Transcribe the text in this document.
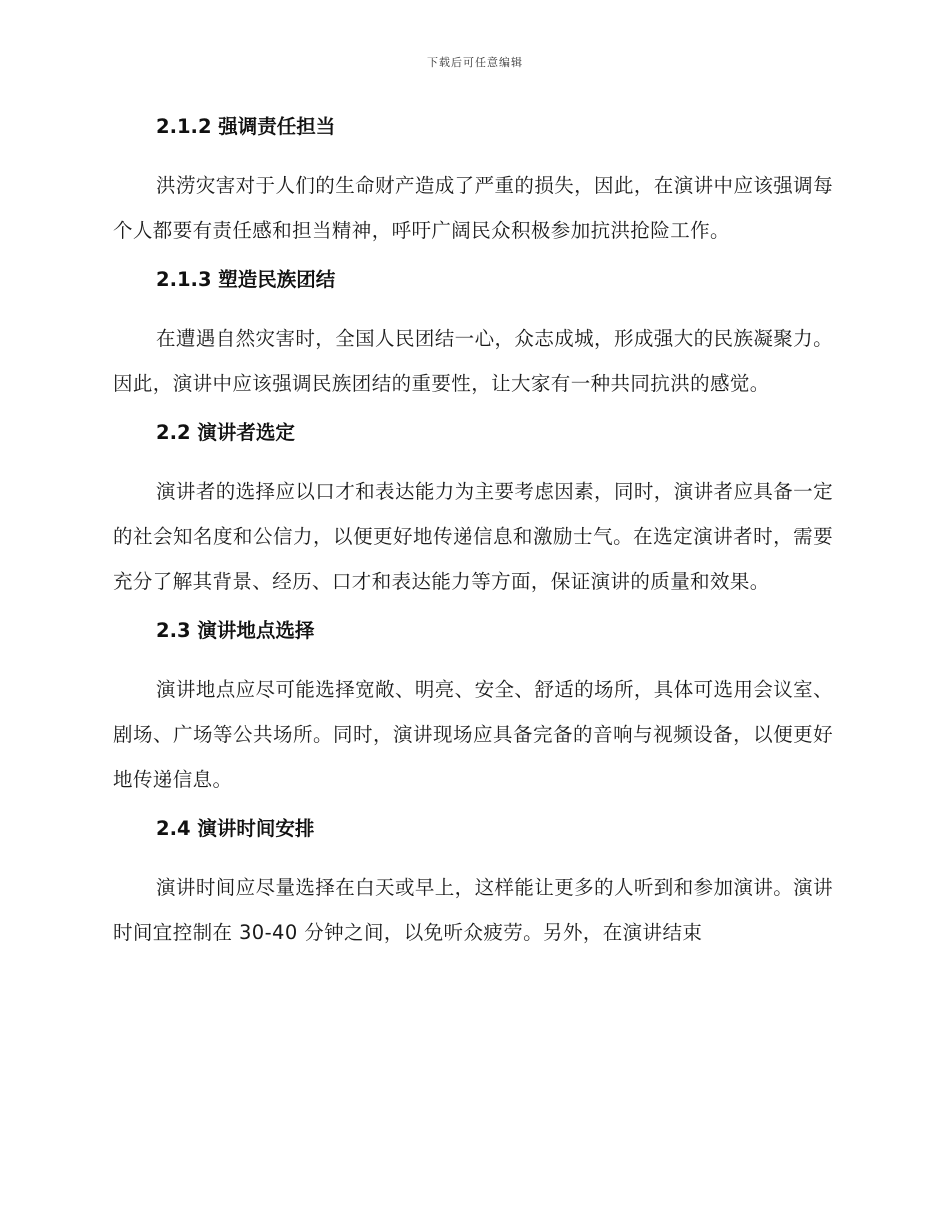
下载后可任意编辑
2.1.2 强调责任担当

洪涝灾害对于人们的生命财产造成了严重的损失，因此，在演讲中应该强调每个人都要有责任感和担当精神，呼吁广阔民众积极参加抗洪抢险工作。

2.1.3 塑造民族团结

在遭遇自然灾害时，全国人民团结一心，众志成城，形成强大的民族凝聚力。因此，演讲中应该强调民族团结的重要性，让大家有一种共同抗洪的感觉。

2.2 演讲者选定

演讲者的选择应以口才和表达能力为主要考虑因素，同时，演讲者应具备一定的社会知名度和公信力，以便更好地传递信息和激励士气。在选定演讲者时，需要充分了解其背景、经历、口才和表达能力等方面，保证演讲的质量和效果。

2.3 演讲地点选择

演讲地点应尽可能选择宽敞、明亮、安全、舒适的场所，具体可选用会议室、剧场、广场等公共场所。同时，演讲现场应具备完备的音响与视频设备，以便更好地传递信息。

2.4 演讲时间安排

演讲时间应尽量选择在白天或早上，这样能让更多的人听到和参加演讲。演讲时间宜控制在 30-40 分钟之间，以免听众疲劳。另外，在演讲结束
